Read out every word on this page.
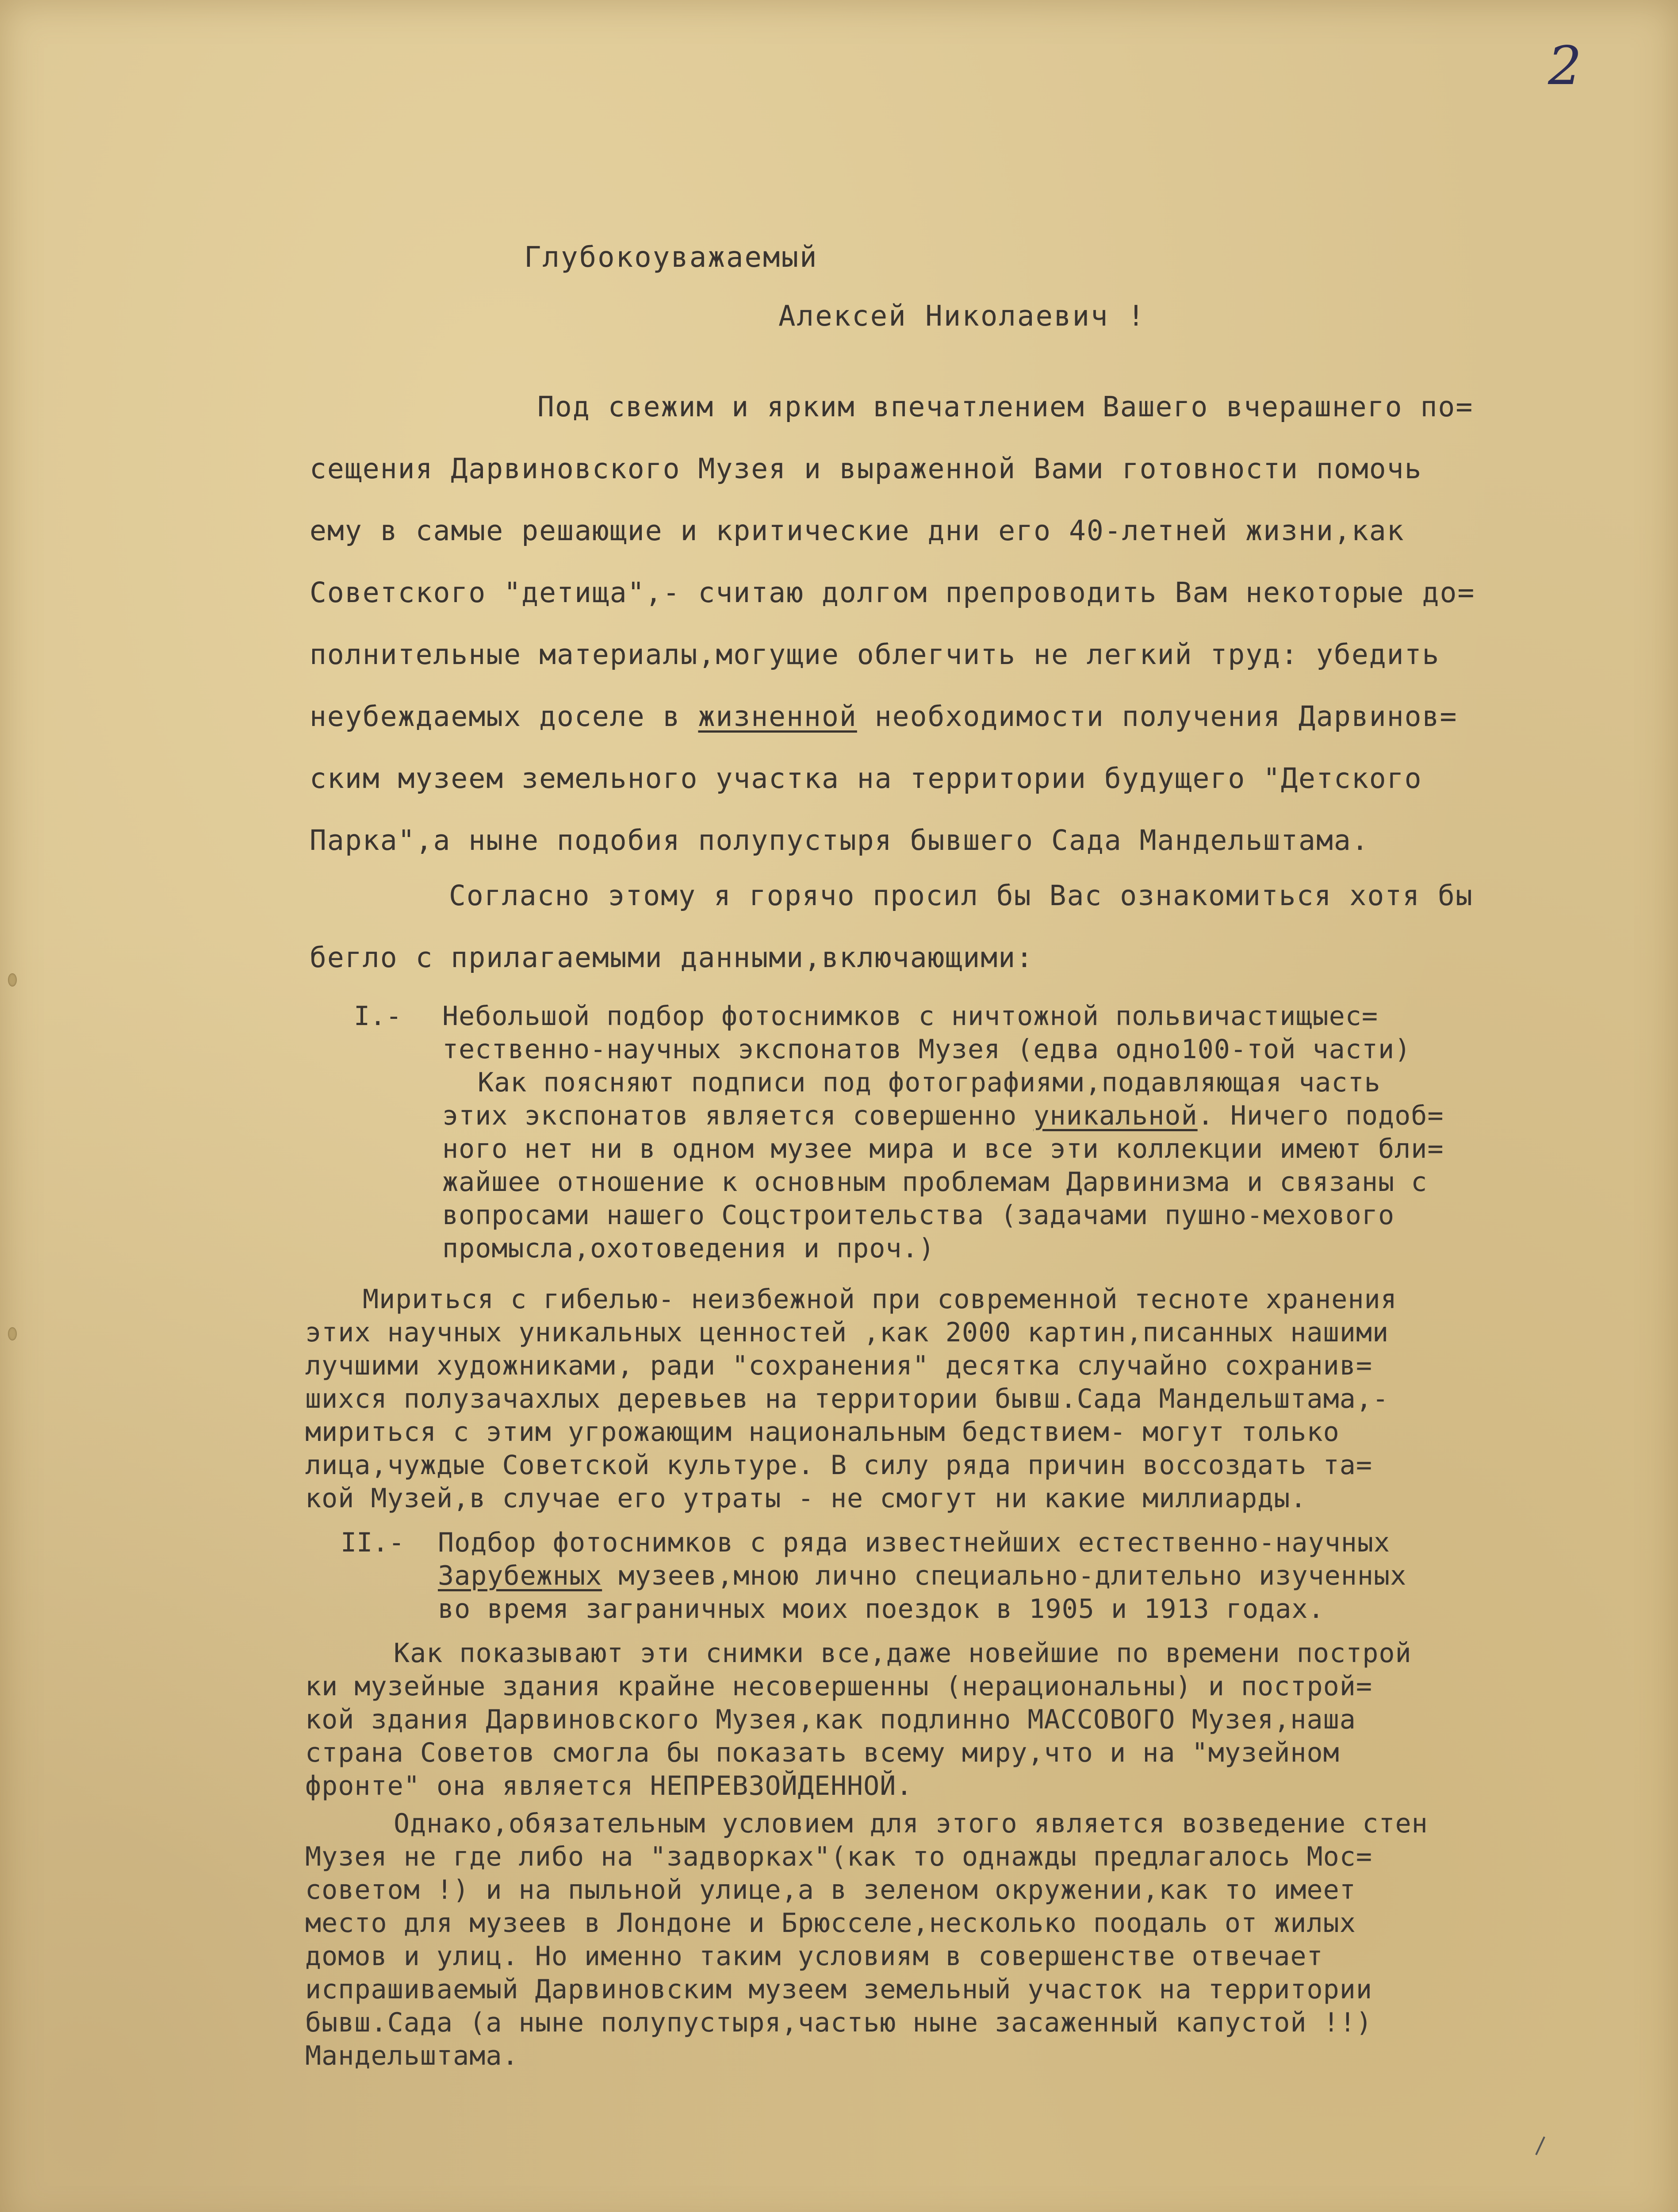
2

Глубокоуважаемый

Алексей Николаевич !

Под свежим и ярким впечатлением Вашего вчерашнего по=

сещения Дарвиновского Музея и выраженной Вами готовности помочь

ему в самые решающие и критические дни его 40-летней жизни,как

Советского "детища",- считаю долгом препроводить Вам некоторые до=

полнительные материалы,могущие облегчить не легкий труд: убедить

неубеждаемых доселе в жизненной необходимости получения Дарвинов=

ским музеем земельного участка на территории будущего "Детского

Парка",а ныне подобия полупустыря бывшего Сада Мандельштама.

Согласно этому я горячо просил бы Вас ознакомиться хотя бы

бегло с прилагаемыми данными,включающими:

I.- Небольшой подбор фотоснимков с ничтожной польвичастищыес=

тественно-научных экспонатов Музея (едва одно100-той части)

Как поясняют подписи под фотографиями,подавляющая часть

этих экспонатов является совершенно уникальной. Ничего подоб=

ного нет ни в одном музее мира и все эти коллекции имеют бли=

жайшее отношение к основным проблемам Дарвинизма и связаны с

вопросами нашего Соцстроительства (задачами пушно-мехового

промысла,охотоведения и проч.)

Мириться с гибелью- неизбежной при современной тесноте хранения

этих научных уникальных ценностей ,как 2000 картин,писанных нашими

лучшими художниками, ради "сохранения" десятка случайно сохранив=

шихся полузачахлых деревьев на территории бывш.Сада Мандельштама,-

мириться с этим угрожающим национальным бедствием- могут только

лица,чуждые Советской культуре. В силу ряда причин воссоздать та=

кой Музей,в случае его утраты - не смогут ни какие миллиарды.

II.- Подбор фотоснимков с ряда известнейших естественно-научных

Зарубежных музеев,мною лично специально-длительно изученных

во время заграничных моих поездок в 1905 и 1913 годах.

Как показывают эти снимки все,даже новейшие по времени построй

ки музейные здания крайне несовершенны (нерациональны) и построй=

кой здания Дарвиновского Музея,как подлинно МАССОВОГО Музея,наша

страна Советов смогла бы показать всему миру,что и на "музейном

фронте" она является НЕПРЕВЗОЙДЕННОЙ.

Однако,обязательным условием для этого является возведение стен

Музея не где либо на "задворках"(как то однажды предлагалось Мос=

советом !) и на пыльной улице,а в зеленом окружении,как то имеет

место для музеев в Лондоне и Брюсселе,несколько поодаль от жилых

домов и улиц. Но именно таким условиям в совершенстве отвечает

испрашиваемый Дарвиновским музеем земельный участок на территории

бывш.Сада (а ныне полупустыря,частью ныне засаженный капустой !!)

Мандельштама.
